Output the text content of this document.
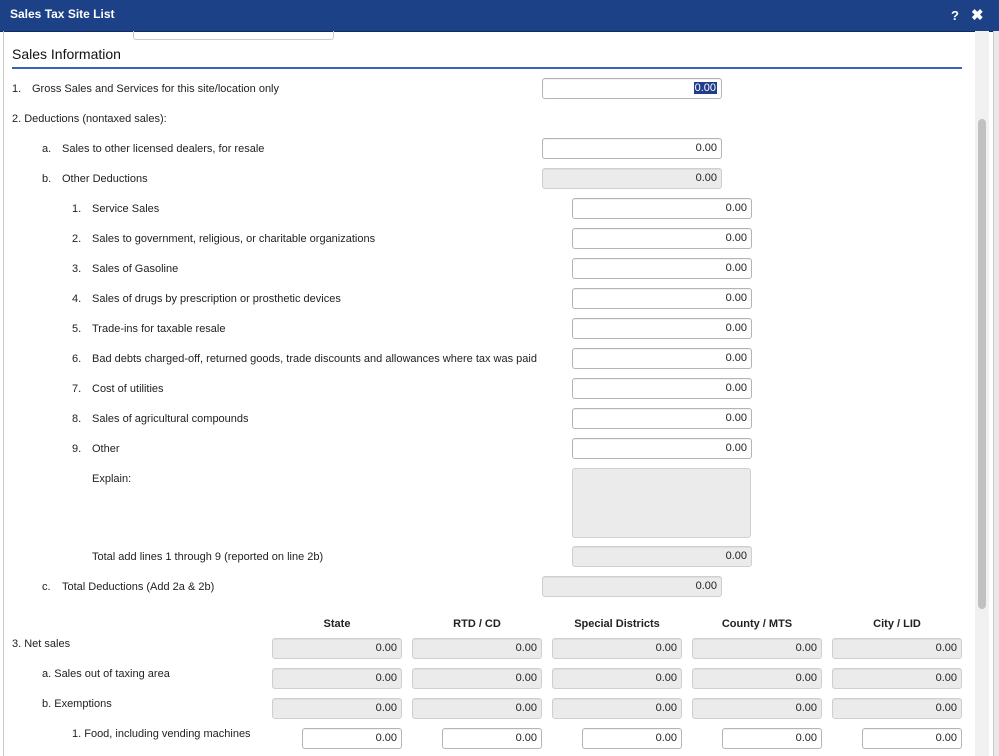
Sales Tax Site List	? ✖
Sales Information
1. Gross Sales and Services for this site/location only	0.00
2. Deductions (nontaxed sales):
a. Sales to other licensed dealers, for resale	0.00
b. Other Deductions	0.00
1. Service Sales	0.00
2. Sales to government, religious, or charitable organizations	0.00
3. Sales of Gasoline	0.00
4. Sales of drugs by prescription or prosthetic devices	0.00
5. Trade-ins for taxable resale	0.00
6. Bad debts charged-off, returned goods, trade discounts and allowances where tax was paid	0.00
7. Cost of utilities	0.00
8. Sales of agricultural compounds	0.00
9. Other	0.00
Explain:
Total add lines 1 through 9 (reported on line 2b)	0.00
c. Total Deductions (Add 2a & 2b)	0.00
State	RTD / CD	Special Districts	County / MTS	City / LID
3. Net sales	0.00	0.00	0.00	0.00	0.00
a. Sales out of taxing area	0.00	0.00	0.00	0.00	0.00
b. Exemptions	0.00	0.00	0.00	0.00	0.00
1. Food, including vending machines	0.00	0.00	0.00	0.00	0.00
